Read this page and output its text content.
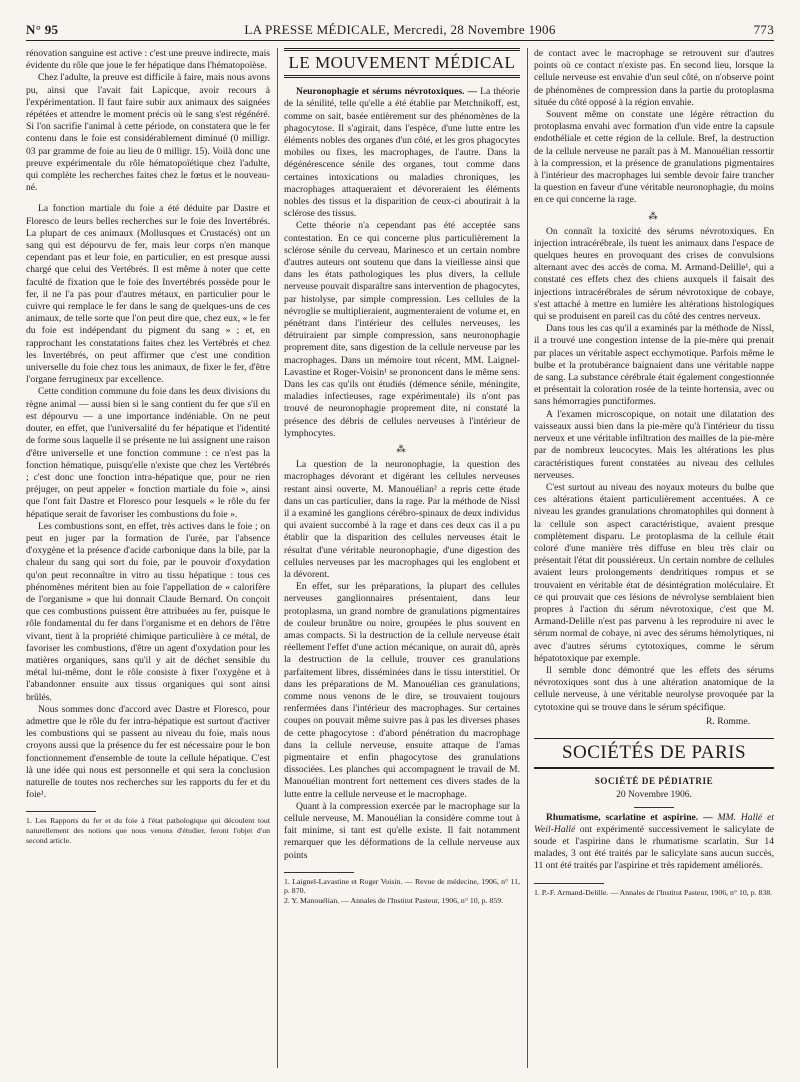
N° 95	LA PRESSE MÉDICALE, Mercredi, 28 Novembre 1906	773

rénovation sanguine est active : c'est une preuve indirecte, mais évidente du rôle que joue le fer hépatique dans l'hématopoïèse.

Chez l'adulte, la preuve est difficile à faire, mais nous avons pu, ainsi que l'avait fait Lapicque, avoir recours à l'expérimentation. Il faut faire subir aux animaux des saignées répétées et attendre le moment précis où le sang s'est régénéré. Si l'on sacrifie l'animal à cette période, on constatera que le fer contenu dans le foie est considérablement diminué (0 milligr. 03 par gramme de foie au lieu de 0 milligr. 15). Voilà donc une preuve expérimentale du rôle hématopoïétique chez l'adulte, qui complète les recherches faites chez le fœtus et le nouveau-né.

La fonction martiale du foie a été déduite par Dastre et Floresco de leurs belles recherches sur le foie des Invertébrés. La plupart de ces animaux (Mollusques et Crustacés) ont un sang qui est dépourvu de fer, mais leur corps n'en manque cependant pas et leur foie, en particulier, en est presque aussi chargé que celui des Vertébrés. Il est même à noter que cette faculté de fixation que le foie des Invertébrés possède pour le fer, il ne l'a pas pour d'autres métaux, en particulier pour le cuivre qui remplace le fer dans le sang de quelques-uns de ces animaux, de telle sorte que l'on peut dire que, chez eux, « le fer du foie est indépendant du pigment du sang » ; et, en rapprochant les constatations faites chez les Vertébrés et chez les Invertébrés, on peut affirmer que c'est une condition universelle du foie chez tous les animaux, de fixer le fer, d'être l'organe ferrugineux par excellence.

Cette condition commune du foie dans les deux divisions du règne animal — aussi bien si le sang contient du fer que s'il en est dépourvu — a une importance indéniable. On ne peut douter, en effet, que l'universalité du fer hépatique et l'identité de forme sous laquelle il se présente ne lui assignent une raison d'être universelle et une fonction commune : ce n'est pas la fonction hématique, puisqu'elle n'existe que chez les Vertébrés ; c'est donc une fonction intra-hépatique que, pour ne rien préjuger, on peut appeler « fonction martiale du foie », ainsi que l'ont fait Dastre et Floresco pour lesquels « le rôle du fer hépatique serait de favoriser les combustions du foie ».

Les combustions sont, en effet, très actives dans le foie ; on peut en juger par la formation de l'urée, par l'absence d'oxygène et la présence d'acide carbonique dans la bile, par la chaleur du sang qui sort du foie, par le pouvoir d'oxydation qu'on peut reconnaître in vitro au tissu hépatique : tous ces phénomènes méritent bien au foie l'appellation de « calorifère de l'organisme » que lui donnait Claude Bernard. On conçoit que ces combustions puissent être attribuées au fer, puisque le rôle fondamental du fer dans l'organisme et en dehors de l'être vivant, tient à la propriété chimique particulière à ce métal, de favoriser les combustions, d'être un agent d'oxydation pour les matières organiques, sans qu'il y ait de déchet sensible du métal lui-même, dont le rôle consiste à fixer l'oxygène et à l'abandonner ensuite aux tissus organiques qui sont ainsi brûlés.

Nous sommes donc d'accord avec Dastre et Floresco, pour admettre que le rôle du fer intra-hépatique est surtout d'activer les combustions qui se passent au niveau du foie, mais nous croyons aussi que la présence du fer est nécessaire pour le bon fonctionnement d'ensemble de toute la cellule hépatique. C'est là une idée qui nous est personnelle et qui sera la conclusion naturelle de toutes nos recherches sur les rapports du fer et du foie¹.

1. Les Rapports du fer et du foie à l'état pathologique qui découlent tout naturellement des notions que nous venons d'étudier, feront l'objet d'un second article.

LE MOUVEMENT MÉDICAL

Neuronophagie et sérums névrotoxiques. — La théorie de la sénilité, telle qu'elle a été établie par Metchnikoff, est, comme on sait, basée entièrement sur des phénomènes de la phagocytose. Il s'agirait, dans l'espèce, d'une lutte entre les éléments nobles des organes d'un côté, et les gros phagocytes mobiles ou fixes, les macrophages, de l'autre. Dans la dégénérescence sénile des organes, tout comme dans certaines intoxications ou maladies chroniques, les macrophages attaqueraient et dévoreraient les éléments nobles des tissus et la disparition de ceux-ci aboutirait à la sclérose des tissus.

Cette théorie n'a cependant pas été acceptée sans contestation. En ce qui concerne plus particulièrement la sclérose sénile du cerveau, Marinesco et un certain nombre d'autres auteurs ont soutenu que dans la vieillesse ainsi que dans les états pathologiques les plus divers, la cellule nerveuse pouvait disparaître sans intervention de phagocytes, par histolyse, par simple compression. Les cellules de la névroglie se multiplieraient, augmenteraient de volume et, en pénétrant dans l'intérieur des cellules nerveuses, les détruiraient par simple compression, sans neuronophagie proprement dite, sans digestion de la cellule nerveuse par les macrophages. Dans un mémoire tout récent, MM. Laignel-Lavastine et Roger-Voisin¹ se prononcent dans le même sens. Dans les cas qu'ils ont étudiés (démence sénile, méningite, maladies infectieuses, rage expérimentale) ils n'ont pas trouvé de neuronophagie proprement dite, ni constaté la présence des débris de cellules nerveuses à l'intérieur de lymphocytes.

⁂

La question de la neuronophagie, la question des macrophages dévorant et digérant les cellules nerveuses restant ainsi ouverte, M. Manouélian² a repris cette étude dans un cas particulier, dans la rage. Par la méthode de Nissl il a examiné les ganglions cérébro-spinaux de deux individus qui avaient succombé à la rage et dans ces deux cas il a pu établir que la disparition des cellules nerveuses était le résultat d'une véritable neuronophagie, d'une digestion des cellules nerveuses par les macrophages qui les englobent et la dévorent.

En effet, sur les préparations, la plupart des cellules nerveuses ganglionnaires présentaient, dans leur protoplasma, un grand nombre de granulations pigmentaires de couleur brunâtre ou noire, groupées le plus souvent en amas compacts. Si la destruction de la cellule nerveuse était réellement l'effet d'une action mécanique, on aurait dû, après la destruction de la cellule, trouver ces granulations parfaitement libres, disséminées dans le tissu interstitiel. Or dans les préparations de M. Manouélian ces granulations, comme nous venons de le dire, se trouvaient toujours renfermées dans l'intérieur des macrophages. Sur certaines coupes on pouvait même suivre pas à pas les diverses phases de cette phagocytose : d'abord pénétration du macrophage dans la cellule nerveuse, ensuite attaque de l'amas pigmentaire et enfin phagocytose des granulations dissociées. Les planches qui accompagnent le travail de M. Manouélian montrent fort nettement ces divers stades de la lutte entre la cellule nerveuse et le macrophage.

Quant à la compression exercée par le macrophage sur la cellule nerveuse, M. Manouélian la considère comme tout à fait minime, si tant est qu'elle existe. Il fait notamment remarquer que les déformations de la cellule nerveuse aux points

1. Laignel-Lavastine et Roger Voisin. — Revue de médecine, 1906, n° 11, p. 870.

2. Y. Manouélian. — Annales de l'Institut Pasteur, 1906, n° 10, p. 859.

de contact avec le macrophage se retrouvent sur d'autres points où ce contact n'existe pas. En second lieu, lorsque la cellule nerveuse est envahie d'un seul côté, on n'observe point de phénomènes de compression dans la partie du protoplasma située du côté opposé à la région envahie.

Souvent même on constate une légère rétraction du protoplasma envahi avec formation d'un vide entre la capsule endothéliale et cette région de la cellule. Bref, la destruction de la cellule nerveuse ne paraît pas à M. Manouélian ressortir à la compression, et la présence de granulations pigmentaires à l'intérieur des macrophages lui semble devoir faire trancher la question en faveur d'une véritable neuronophagie, du moins en ce qui concerne la rage.

⁂

On connaît la toxicité des sérums névrotoxiques. En injection intracérébrale, ils tuent les animaux dans l'espace de quelques heures en provoquant des crises de convulsions alternant avec des accès de coma. M. Armand-Delille¹, qui a constaté ces effets chez des chiens auxquels il faisait des injections intracérébrales de sérum névrotoxique de cobaye, s'est attaché à mettre en lumière les altérations histologiques qui se produisent en pareil cas du côté des centres nerveux.

Dans tous les cas qu'il a examinés par la méthode de Nissl, il a trouvé une congestion intense de la pie-mère qui prenait par places un véritable aspect ecchymotique. Parfois même le bulbe et la protubérance baignaient dans une véritable nappe de sang. La substance cérébrale était également congestionnée et présentait la coloration rosée de la teinte hortensia, avec ou sans hémorragies punctiformes.

A l'examen microscopique, on notait une dilatation des vaisseaux aussi bien dans la pie-mère qu'à l'intérieur du tissu nerveux et une véritable infiltration des mailles de la pie-mère par de nombreux leucocytes. Mais les altérations les plus caractéristiques furent constatées au niveau des cellules nerveuses.

C'est surtout au niveau des noyaux moteurs du bulbe que ces altérations étaient particulièrement accentuées. A ce niveau les grandes granulations chromatophiles qui donnent à la cellule son aspect caractéristique, avaient presque complètement disparu. Le protoplasma de la cellule était coloré d'une manière très diffuse en bleu très clair ou présentait l'état dit poussiéreux. Un certain nombre de cellules avaient leurs prolongements dendritiques rompus et se trouvaient en véritable état de désintégration moléculaire. Et ce qui prouvait que ces lésions de névrolyse semblaient bien propres à l'action du sérum névrotoxique, c'est que M. Armand-Delille n'est pas parvenu à les reproduire ni avec le sérum normal de cobaye, ni avec des sérums hémolytiques, ni avec d'autres sérums cytotoxiques, comme le sérum hépatotoxique par exemple.

Il semble donc démontré que les effets des sérums névrotoxiques sont dus à une altération anatomique de la cellule nerveuse, à une véritable neurolyse provoquée par la cytotoxine qui se trouve dans le sérum spécifique.

R. Romme.
SOCIÉTÉS DE PARIS
SOCIÉTÉ DE PÉDIATRIE
20 Novembre 1906.

Rhumatisme, scarlatine et aspirine. — MM. Hallé et Weil-Hallé ont expérimenté successivement le salicylate de soude et l'aspirine dans le rhumatisme scarlatin. Sur 14 malades, 3 ont été traités par le salicylate sans aucun succès, 11 ont été traités par l'aspirine et très rapidement améliorés.

1. P.-F. Armand-Delille. — Annales de l'Institut Pasteur, 1906, n° 10, p. 838.
